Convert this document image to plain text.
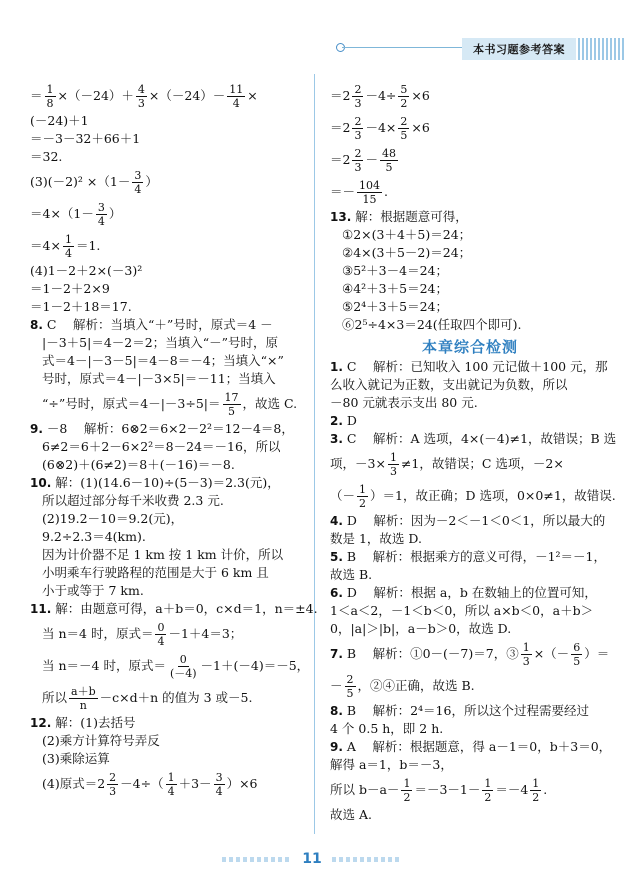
本书习题参考答案
＝ $\frac{1}{8} \times(-24)+ \frac{4}{3} \times(-24)- \frac{11}{4}$ ×
(－24)＋1
＝－3－32＋66＋1
＝32.
$(3)(-2)^2 \times(1- \frac{3}{4}$ ）
$=4\times(1- \frac{3}{4}$ ）
$=4\times \frac{1}{4} =1$.
(4)1－2＋2×(－3)²
＝1－2＋2×9
＝1－2＋18＝17.
8. C　 解析：当填入“＋”号时，原式＝4 －
|－3＋5|＝4－2＝2；当填入“－”号时，原
式＝4－|－3－5|＝4－8＝－4；当填入“×”
号时，原式＝4－|－3×5|＝－11；当填入
“÷”号时，原式$=4-|-3\div 5|= \frac{17}{5}$ ，故选 C.
9. －8　 解析：6⊗2＝6×2－2²＝12－4＝8，
6≠2＝6＋2－6×2²＝8－24＝－16，所以
(6⊗2)＋(6≠2)＝8＋(－16)＝－8.
10. 解：(1)(14.6－10)÷(5－3)＝2.3(元)，
所以超过部分每千米收费 2.3 元.
(2)19.2－10＝9.2(元)，
9.2÷2.3＝4(km).
因为计价器不足 1 km 按 1 km 计价，所以
小明乘车行驶路程的范围是大于 6 km 且
小于或等于 7 km.
11. 解：由题意可得，a＋b＝0，c×d＝1，n＝±4.
当 n＝4 时，原式＝ $\frac{0}{4} -1+4=3$；
当 n＝－4 时，原式＝ $\frac{0}{(-4)} -1+(-4)=-5$，
所以 $\frac{a+b}{n} -c\times d+n$ 的值为 3 或－5.
12. 解：(1)去括号
(2)乘方计算符号弄反
(3)乘除运算
(4)原式$=2 \frac{2}{3} -4\div( \frac{1}{4} +3- \frac{3}{4} )\times 6$
$=2 \frac{2}{3} -4\div \frac{5}{2} \times 6$
$=2 \frac{2}{3} -4\times \frac{2}{5} \times 6$
$=2 \frac{2}{3} - \frac{48}{5}$
＝－ $\frac{104}{15}$ .
13. 解：根据题意可得，
①2×(3＋4＋5)＝24；
②4×(3＋5－2)＝24；
③5²＋3－4＝24；
④4²＋3＋5＝24；
⑤2⁴＋3＋5＝24；
⑥2⁵÷4×3＝24(任取四个即可).
本章综合检测
1. C　 解析：已知收入 100 元记做＋100 元，那
么收入就记为正数，支出就记为负数，所以
－80 元就表示支出 80 元.
2. D
3. C　 解析：A 选项，4×(－4)≠1，故错误；B 选
项，$-3\times \frac{1}{3} \ne 1$，故错误；C 选项，－2×
（－ $\frac{1}{2} )=1$，故正确；D 选项，0×0≠1，故错误.
4. D　 解析：因为－2＜－1＜0＜1，所以最大的
数是 1，故选 D.
5. B　 解析：根据乘方的意义可得，－1²＝－1，
故选 B.
6. D　 解析：根据 a，b 在数轴上的位置可知，
1＜a＜2，－1＜b＜0，所以 a×b＜0，a＋b＞
0，|a|＞|b|，a－b＞0，故选 D.
7. B　 解析：①0－(－7)＝7，③ $\frac{1}{3}$ ×（－ $\frac{6}{5}$ ）＝
－ $\frac{2}{5}$ ，②④正确，故选 B.
8. B　 解析：2⁴＝16，所以这个过程需要经过
4 个 0.5 h，即 2 h.
9. A　 解析：根据题意，得 a－1＝0，b＋3＝0，
解得 a＝1，b＝－3，
所以 $b-a- \frac{1}{2} =-3-1- \frac{1}{2} =-4 \frac{1}{2}$ .
故选 A.
11
